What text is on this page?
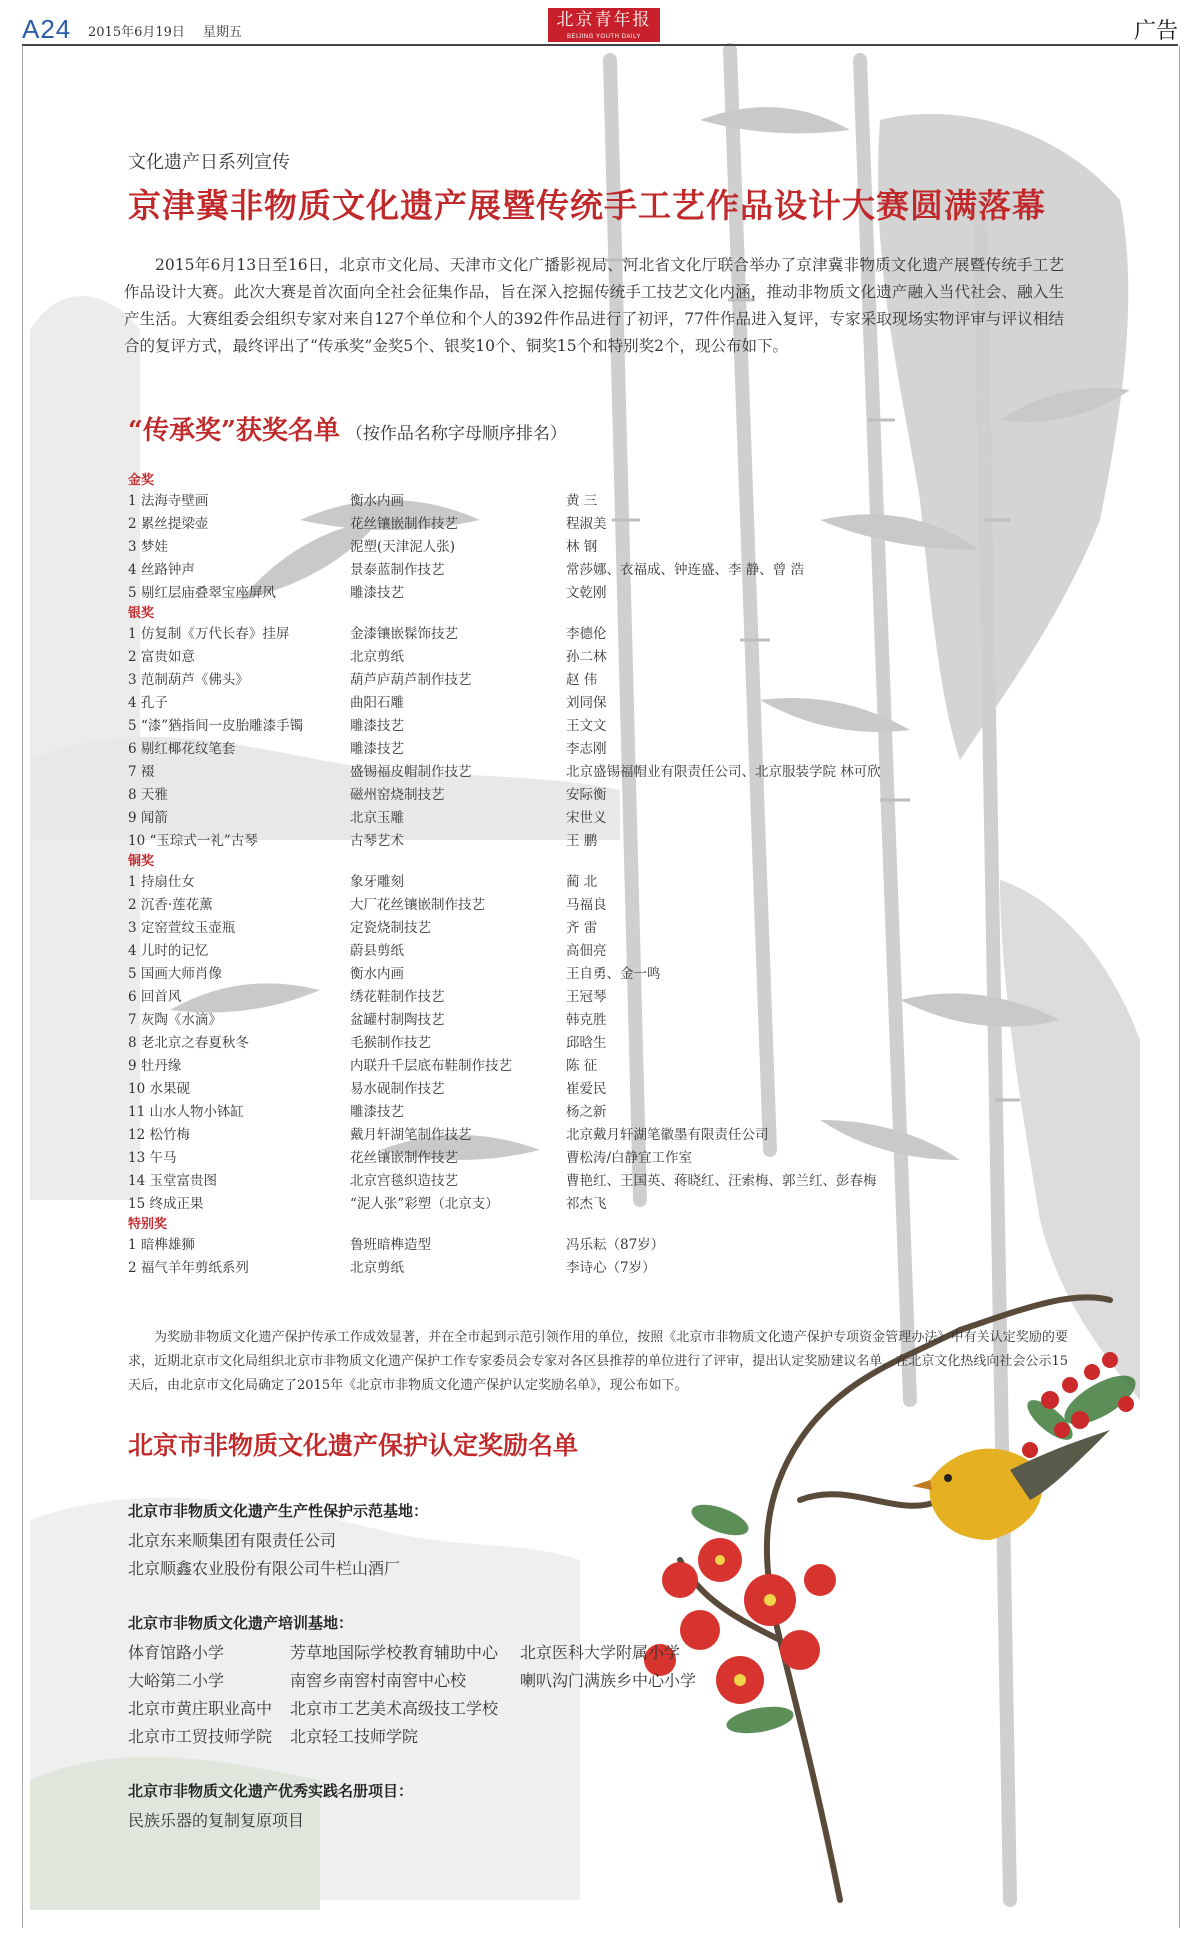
A24 2015年6月19日 星期五
北京青年报
BEIJING YOUTH DAILY	广告
文化遗产日系列宣传
京津冀非物质文化遗产展暨传统手工艺作品设计大赛圆满落幕
2015年6月13日至16日，北京市文化局、天津市文化广播影视局、河北省文化厅联合举办了京津冀非物质文化遗产展暨传统手工艺作品设计大赛。此次大赛是首次面向全社会征集作品，旨在深入挖掘传统手工技艺文化内涵，推动非物质文化遗产融入当代社会、融入生产生活。大赛组委会组织专家对来自127个单位和个人的392件作品进行了初评，77件作品进入复评，专家采取现场实物评审与评议相结合的复评方式，最终评出了“传承奖”金奖5个、银奖10个、铜奖15个和特别奖2个，现公布如下。
“传承奖”获奖名单 （按作品名称字母顺序排名）
金奖
1 法海寺壁画	衡水内画	黄 三
2 累丝提梁壶	花丝镶嵌制作技艺	程淑美
3 梦娃	泥塑(天津泥人张)	林 钢
4 丝路钟声	景泰蓝制作技艺	常莎娜、衣福成、钟连盛、李 静、曾 浩
5 剔红层庙叠翠宝座屏风	雕漆技艺	文乾刚
银奖
1 仿复制《万代长春》挂屏	金漆镶嵌髹饰技艺	李德伦
2 富贵如意	北京剪纸	孙二林
3 范制葫芦《佛头》	葫芦庐葫芦制作技艺	赵 伟
4 孔子	曲阳石雕	刘同保
5 “漆”猶指间一皮胎雕漆手镯	雕漆技艺	王文文
6 剔红椰花纹笔套	雕漆技艺	李志刚
7 裰	盛锡福皮帽制作技艺	北京盛锡福帽业有限责任公司、北京服装学院 林可欣
8 天雅	磁州窑烧制技艺	安际衡
9 闻箭	北京玉雕	宋世义
10 “玉琮式一礼”古琴	古琴艺术	王 鹏
铜奖
1 持扇仕女	象牙雕刻	蔺 北
2 沉香·莲花薰	大厂花丝镶嵌制作技艺	马福良
3 定窑萱纹玉壶瓶	定瓷烧制技艺	齐 雷
4 儿时的记忆	蔚县剪纸	高佃亮
5 国画大师肖像	衡水内画	王自勇、金一鸣
6 回首风	绣花鞋制作技艺	王冠琴
7 灰陶《水滴》	盆罐村制陶技艺	韩克胜
8 老北京之春夏秋冬	毛猴制作技艺	邱晗生
9 牡丹缘	内联升千层底布鞋制作技艺	陈 征
10 水果砚	易水砚制作技艺	崔爱民
11 山水人物小钵缸	雕漆技艺	杨之新
12 松竹梅	戴月轩湖笔制作技艺	北京戴月轩湖笔徽墨有限责任公司
13 午马	花丝镶嵌制作技艺	曹松涛/白静宜工作室
14 玉堂富贵图	北京宫毯织造技艺	曹艳红、王国英、蒋晓红、汪索梅、郭兰红、彭春梅
15 终成正果	“泥人张”彩塑（北京支）	祁杰飞
特别奖
1 暗榫雄狮	鲁班暗榫造型	冯乐耘（87岁）
2 福气羊年剪纸系列	北京剪纸	李诗心（7岁）
为奖励非物质文化遗产保护传承工作成效显著，并在全市起到示范引领作用的单位，按照《北京市非物质文化遗产保护专项资金管理办法》中有关认定奖励的要求，近期北京市文化局组织北京市非物质文化遗产保护工作专家委员会专家对各区县推荐的单位进行了评审，提出认定奖励建议名单，在北京文化热线向社会公示15天后，由北京市文化局确定了2015年《北京市非物质文化遗产保护认定奖励名单》，现公布如下。
北京市非物质文化遗产保护认定奖励名单
北京市非物质文化遗产生产性保护示范基地：
北京东来顺集团有限责任公司
北京顺鑫农业股份有限公司牛栏山酒厂
北京市非物质文化遗产培训基地：
体育馆路小学	芳草地国际学校教育辅助中心 北京医科大学附属小学
大峪第二小学	南窖乡南窖村南窖中心校	喇叭沟门满族乡中心小学
北京市黄庄职业高中 北京市工艺美术高级技工学校
北京市工贸技师学院 北京轻工技师学院
北京市非物质文化遗产优秀实践名册项目：
民族乐器的复制复原项目
